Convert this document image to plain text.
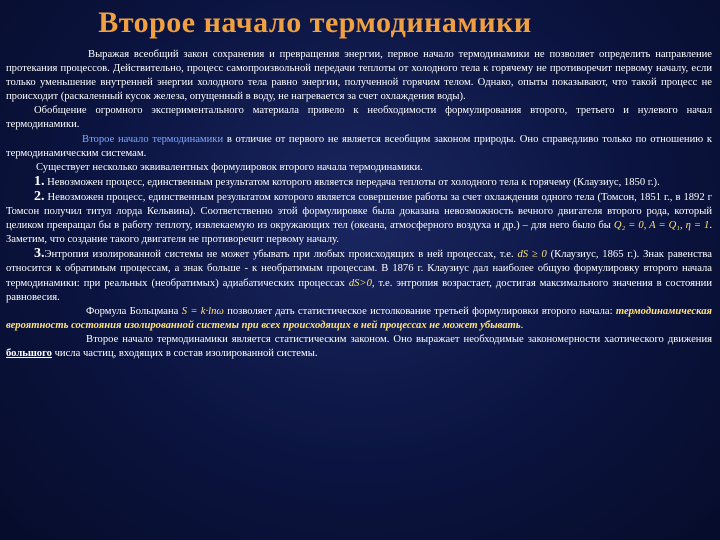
Второе начало термодинамики

Выражая всеобщий закон сохранения и превращения энергии, первое начало термодинамики не позволяет определить направление протекания процессов. Действительно, процесс самопроизвольной передачи теплоты от холодного тела к горячему не противоречит первому началу, если только уменьшение внутренней энергии холодного тела равно энергии, полученной горячим телом. Однако, опыты показывают, что такой процесс не происходит (раскаленный кусок железа, опущенный в воду, не нагревается за счет охлаждения воды).

Обобщение огромного экспериментального материала привело к необходимости формулирования второго, третьего и нулевого начал термодинамики.

Второе начало термодинамики в отличие от первого не является всеобщим законом природы. Оно справедливо только по отношению к термодинамическим системам.

Существует несколько эквивалентных формулировок второго начала термодинамики.

1. Невозможен процесс, единственным результатом которого является передача теплоты от холодного тела к горячему (Клаузиус, 1850 г.).

2. Невозможен процесс, единственным результатом которого является совершение работы за счет охлаждения одного тела (Томсон, 1851 г., в 1892 г Томсон получил титул лорда Кельвина). Соответственно этой формулировке была доказана невозможность вечного двигателя второго рода, который целиком превращал бы в работу теплоту, извлекаемую из окружающих тел (океана, атмосферного воздуха и др.) – для него было бы Q₂ = 0, A = Q₁, η = 1. Заметим, что создание такого двигателя не противоречит первому началу.

3.Энтропия изолированной системы не может убывать при любых происходящих в ней процессах, т.е. dS ≥ 0 (Клаузиус, 1865 г.). Знак равенства относится к обратимым процессам, а знак больше - к необратимым процессам. В 1876 г. Клаузиус дал наиболее общую формулировку второго начала термодинамики: при реальных (необратимых) адиабатических процессах dS>0, т.е. энтропия возрастает, достигая максимального значения в состоянии равновесия.

Формула Больцмана S = k·lnω позволяет дать статистическое истолкование третьей формулировки второго начала: термодинамическая вероятность состояния изолированной системы при всех происходящих в ней процессах не может убывать.

Второе начало термодинамики является статистическим законом. Оно выражает необходимые закономерности хаотического движения большого числа частиц, входящих в состав изолированной системы.
